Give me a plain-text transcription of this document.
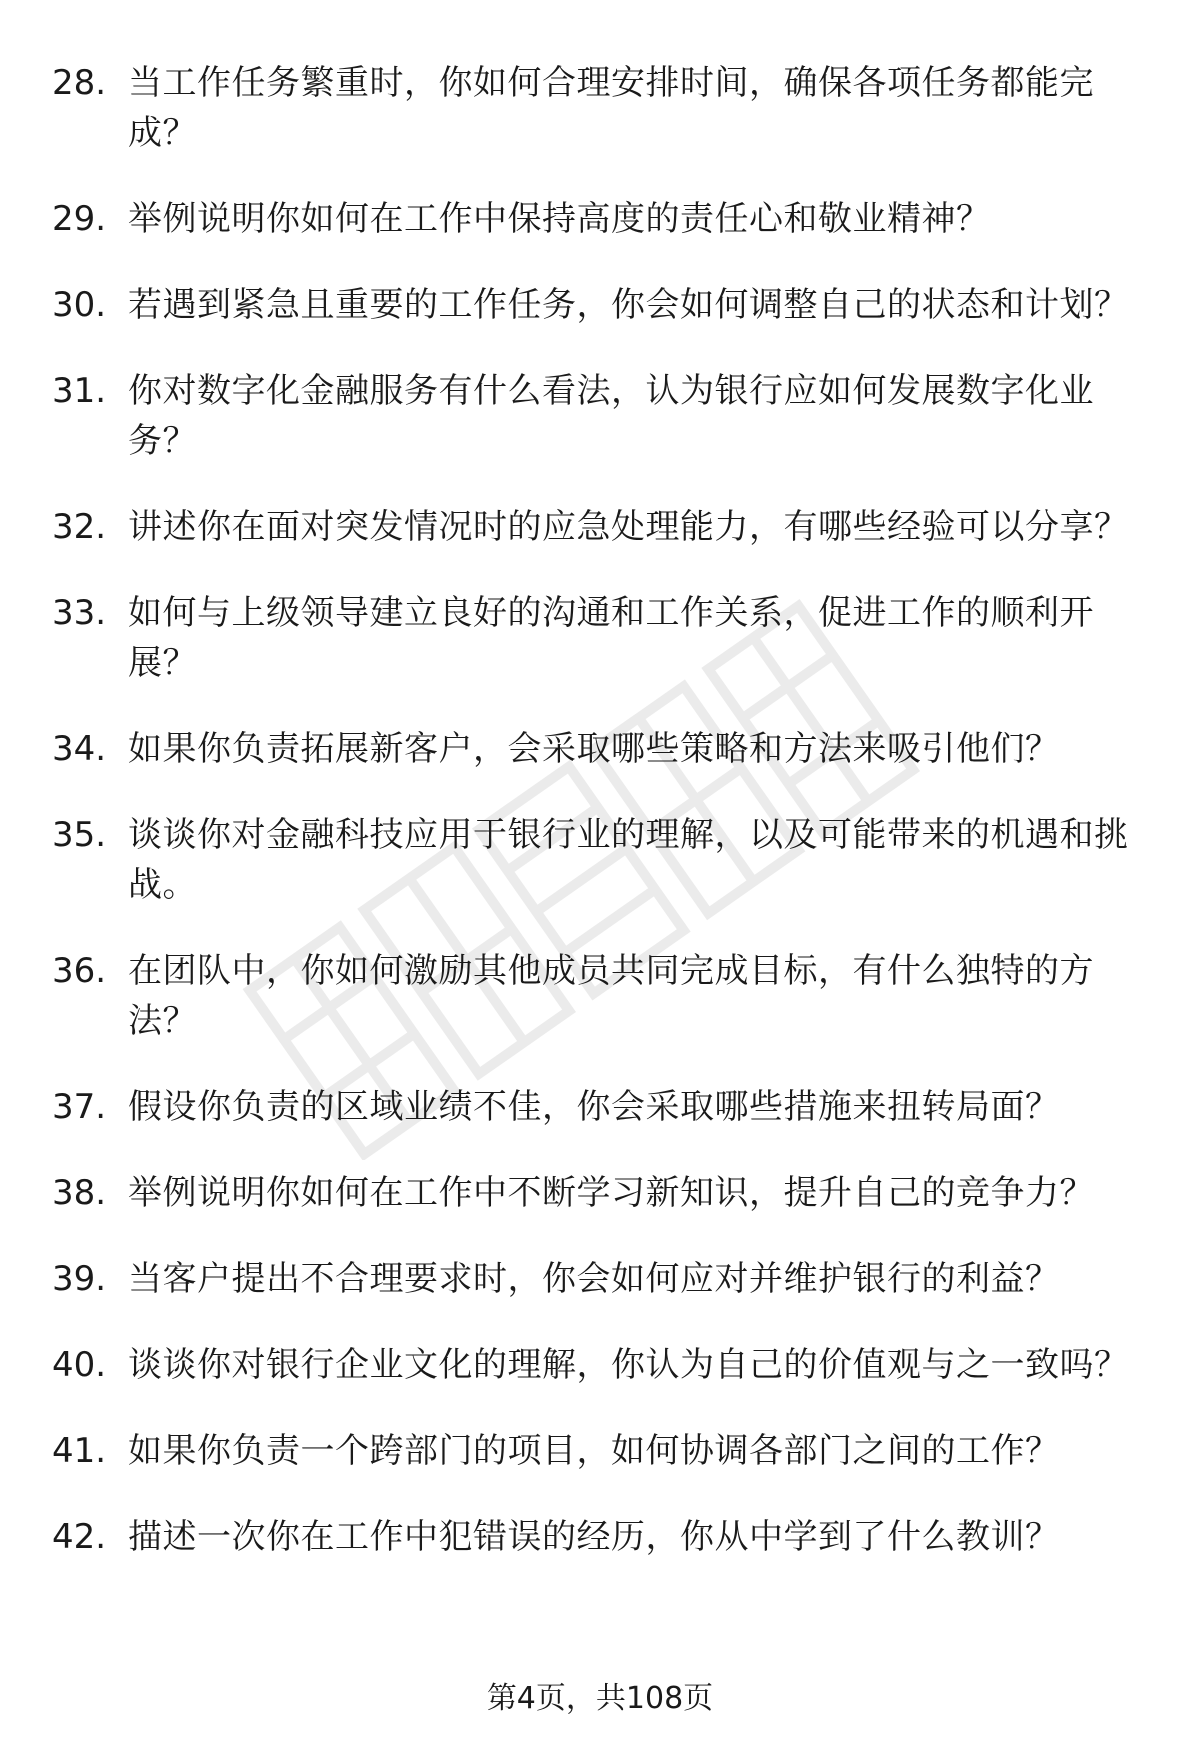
28. 当工作任务繁重时，你如何合理安排时间，确保各项任务都能完成？
29. 举例说明你如何在工作中保持高度的责任心和敬业精神？
30. 若遇到紧急且重要的工作任务，你会如何调整自己的状态和计划？
31. 你对数字化金融服务有什么看法，认为银行应如何发展数字化业务？
32. 讲述你在面对突发情况时的应急处理能力，有哪些经验可以分享？
33. 如何与上级领导建立良好的沟通和工作关系，促进工作的顺利开展？
34. 如果你负责拓展新客户，会采取哪些策略和方法来吸引他们？
35. 谈谈你对金融科技应用于银行业的理解，以及可能带来的机遇和挑战。
36. 在团队中，你如何激励其他成员共同完成目标，有什么独特的方法？
37. 假设你负责的区域业绩不佳，你会采取哪些措施来扭转局面？
38. 举例说明你如何在工作中不断学习新知识，提升自己的竞争力？
39. 当客户提出不合理要求时，你会如何应对并维护银行的利益？
40. 谈谈你对银行企业文化的理解，你认为自己的价值观与之一致吗？
41. 如果你负责一个跨部门的项目，如何协调各部门之间的工作？
42. 描述一次你在工作中犯错误的经历，你从中学到了什么教训？
第4页，共108页
